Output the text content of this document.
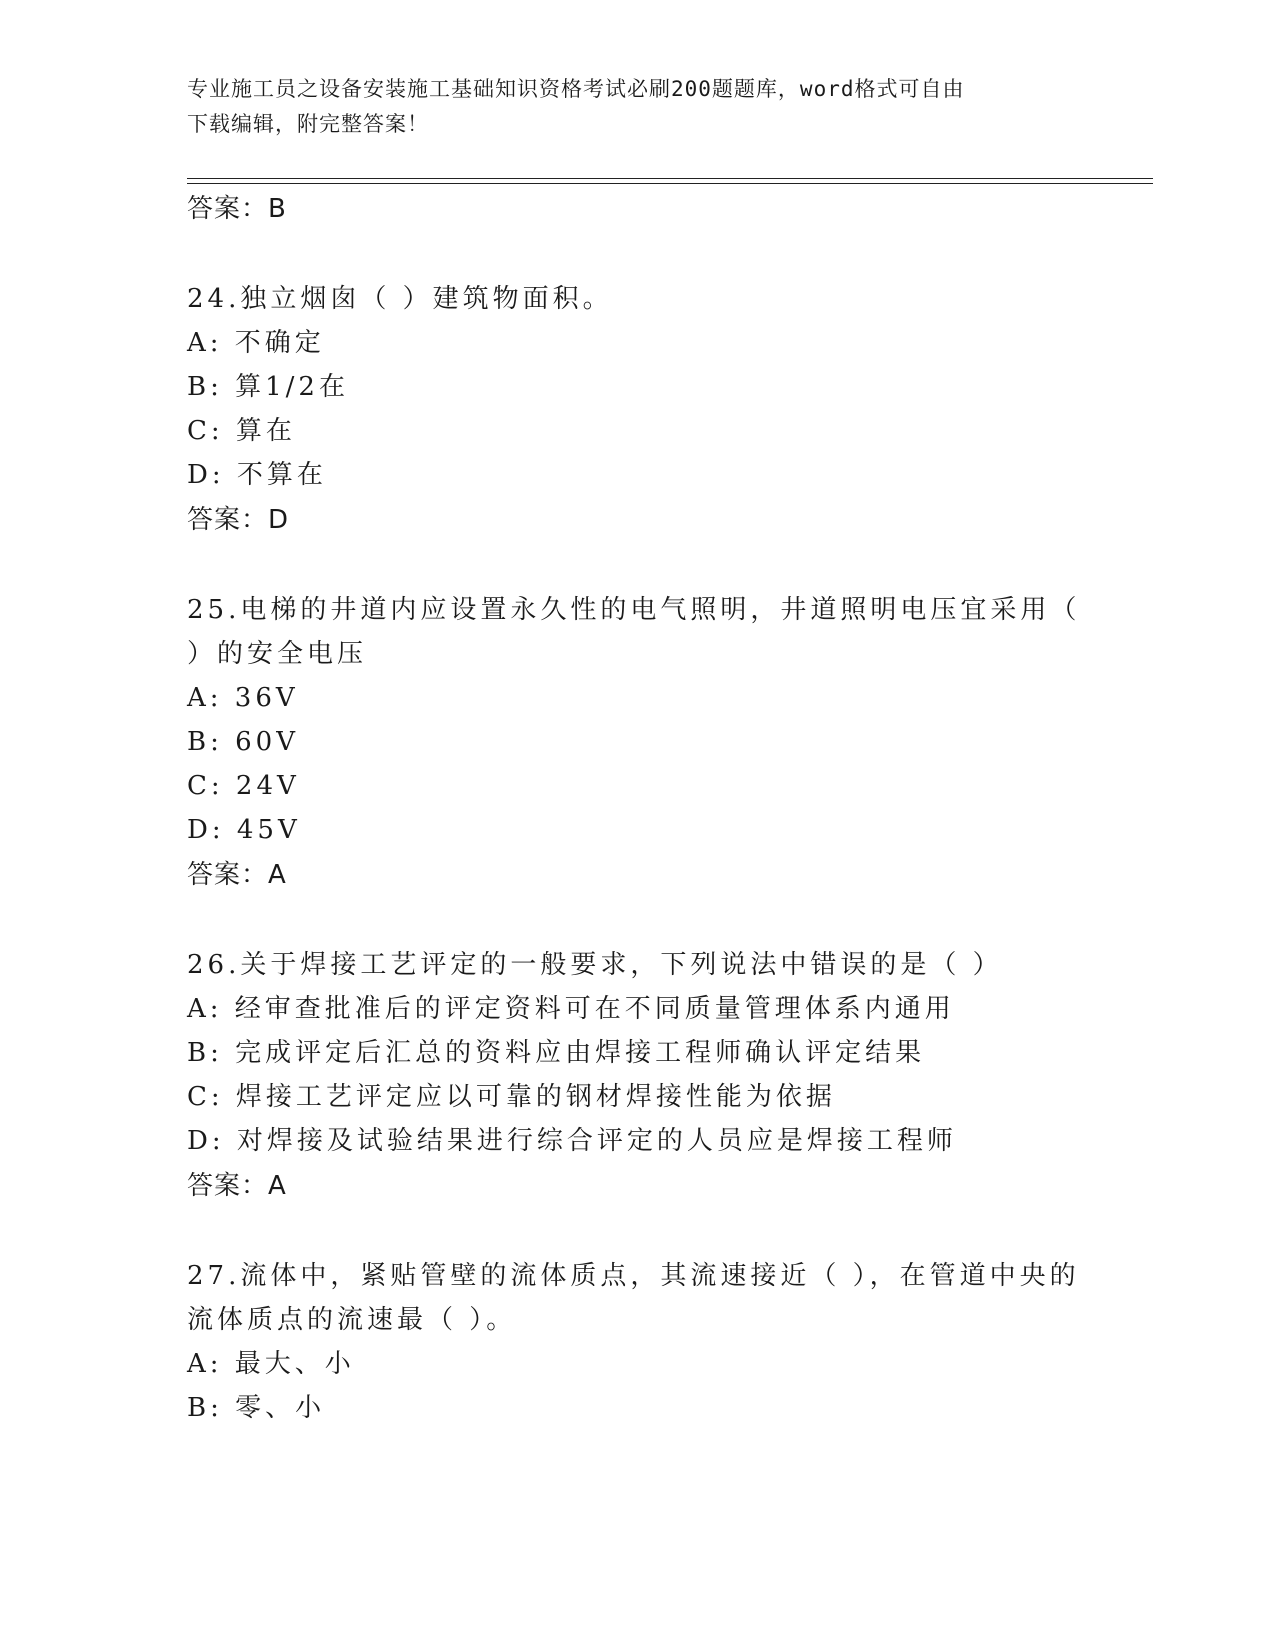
专业施工员之设备安装施工基础知识资格考试必刷200题题库，word格式可自由
下载编辑，附完整答案！
答案：B
24.独立烟囱（ ）建筑物面积。
A: 不确定
B: 算1/2在
C: 算在
D: 不算在
答案：D
25.电梯的井道内应设置永久性的电气照明，井道照明电压宜采用（
）的安全电压
A: 36V
B: 60V
C: 24V
D: 45V
答案：A
26.关于焊接工艺评定的一般要求，下列说法中错误的是（ ）
A: 经审查批准后的评定资料可在不同质量管理体系内通用
B: 完成评定后汇总的资料应由焊接工程师确认评定结果
C: 焊接工艺评定应以可靠的钢材焊接性能为依据
D: 对焊接及试验结果进行综合评定的人员应是焊接工程师
答案：A
27.流体中，紧贴管壁的流体质点，其流速接近（ ），在管道中央的
流体质点的流速最（ ）。
A: 最大、小
B: 零、小
